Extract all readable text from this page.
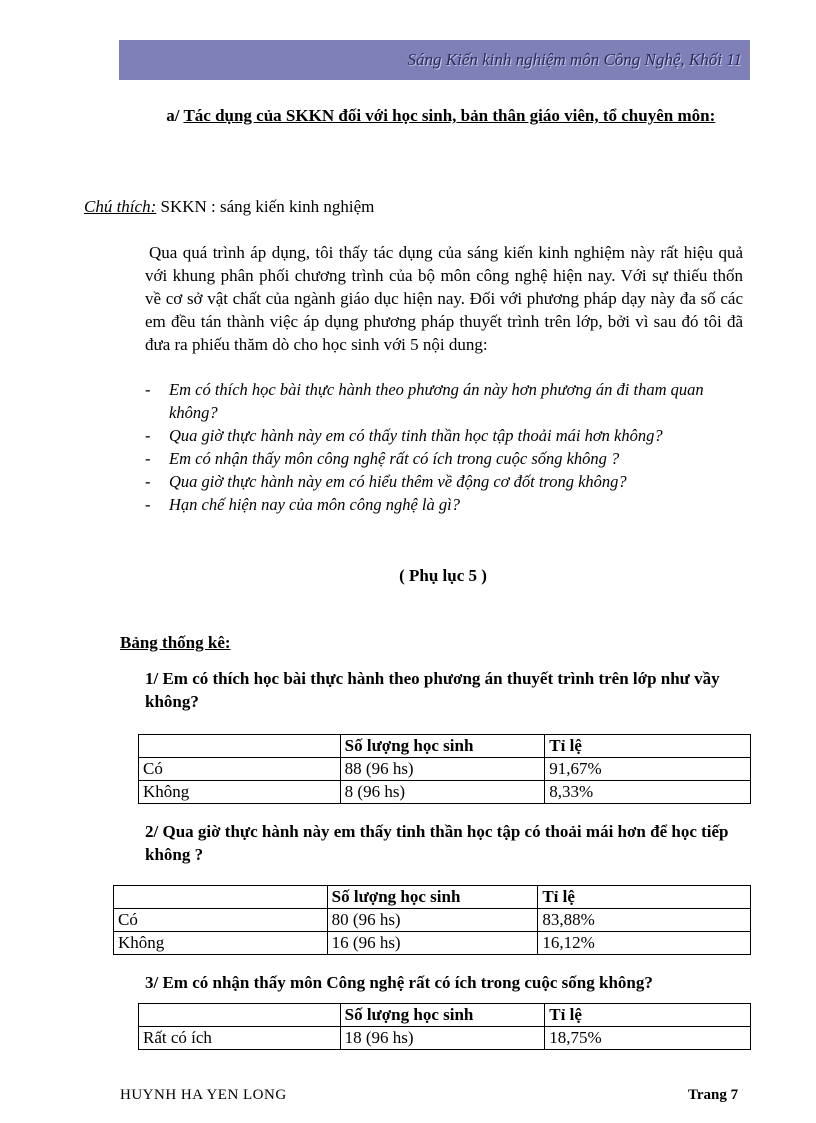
Sáng Kiến kinh nghiệm môn Công Nghệ, Khối 11
a/ Tác dụng của SKKN đối với học sinh, bản thân giáo viên, tổ chuyên môn:
Chú thích: SKKN : sáng kiến kinh nghiệm
Qua quá trình áp dụng, tôi thấy tác dụng của sáng kiến kinh nghiệm này rất hiệu quả với khung phân phối chương trình của bộ môn công nghệ hiện nay. Với sự thiếu thốn về cơ sở vật chất của ngành giáo dục hiện nay. Đối với phương pháp dạy này đa số các em đều tán thành việc áp dụng phương pháp thuyết trình trên lớp, bởi vì sau đó tôi đã đưa ra phiếu thăm dò cho học sinh với 5 nội dung:
- Em có thích học bài thực hành theo phương án này hơn phương án đi tham quan không?
- Qua giờ thực hành này em có thấy tinh thần học tập thoải mái hơn không?
- Em có nhận thấy môn công nghệ rất có ích trong cuộc sống không ?
- Qua giờ thực hành này em có hiểu thêm về động cơ đốt trong không?
- Hạn chế hiện nay của môn công nghệ là gì?
( Phụ lục 5 )
Bảng thống kê:
1/ Em có thích học bài thực hành theo phương án thuyết trình trên lớp như vầy không?
	Số lượng học sinh	Tỉ lệ
Có	88 (96 hs)	91,67%
Không	8 (96 hs)	8,33%
2/ Qua giờ thực hành này em thấy tinh thần học tập có thoải mái hơn để học tiếp không ?
	Số lượng học sinh	Tỉ lệ
Có	80 (96 hs)	83,88%
Không	16 (96 hs)	16,12%
3/ Em có nhận thấy môn Công nghệ rất có ích trong cuộc sống không?
	Số lượng học sinh	Tỉ lệ
Rất có ích	18 (96 hs)	18,75%
HUYNH HA YEN LONG	Trang 7
